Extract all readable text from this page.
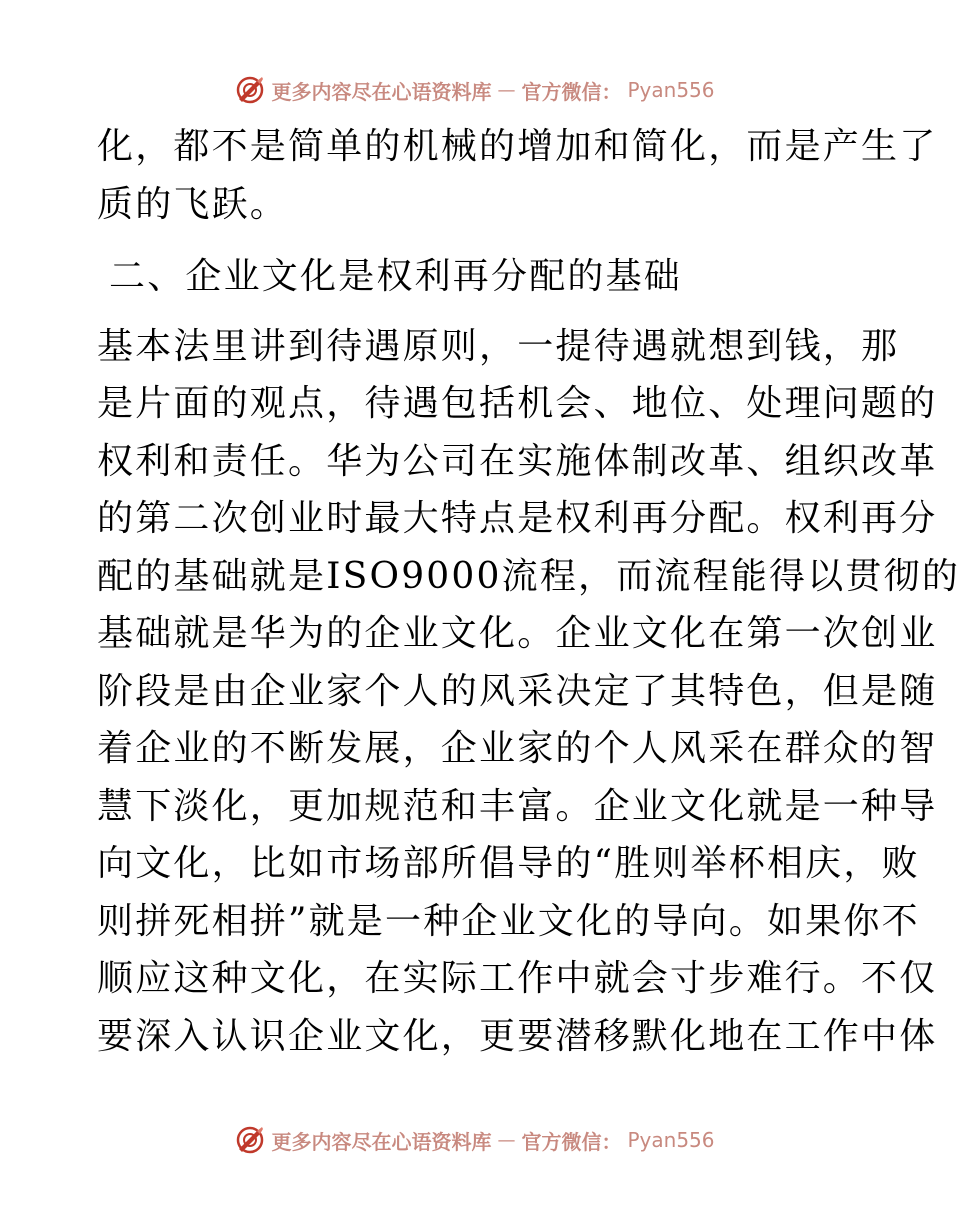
更多内容尽在心语资料库 — 官方微信： Pyan556
化，都不是简单的机械的增加和简化，而是产生了
质的飞跃。
二、企业文化是权利再分配的基础
基本法里讲到待遇原则，一提待遇就想到钱，那
是片面的观点，待遇包括机会、地位、处理问题的
权利和责任。华为公司在实施体制改革、组织改革
的第二次创业时最大特点是权利再分配。权利再分
配的基础就是ISO9000流程，而流程能得以贯彻的
基础就是华为的企业文化。企业文化在第一次创业
阶段是由企业家个人的风采决定了其特色，但是随
着企业的不断发展，企业家的个人风采在群众的智
慧下淡化，更加规范和丰富。企业文化就是一种导
向文化，比如市场部所倡导的“胜则举杯相庆，败
则拼死相拼”就是一种企业文化的导向。如果你不
顺应这种文化，在实际工作中就会寸步难行。不仅
要深入认识企业文化，更要潜移默化地在工作中体
更多内容尽在心语资料库 — 官方微信： Pyan556
